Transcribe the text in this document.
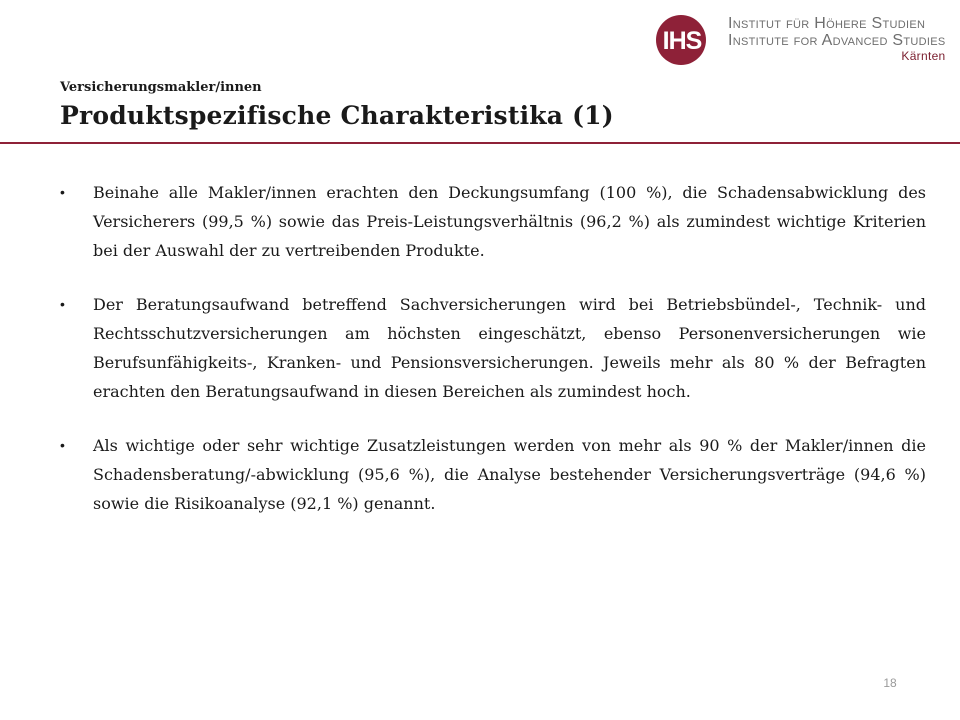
IHS
Institut für Höhere Studien
Institute for Advanced Studies
Kärnten
Versicherungsmakler/innen
Produktspezifische Charakteristika (1)
• Beinahe alle Makler/innen erachten den Deckungsumfang (100 %), die Schadensabwicklung des Versicherers (99,5 %) sowie das Preis-Leistungsverhältnis (96,2 %) als zumindest wichtige Kriterien bei der Auswahl der zu vertreibenden Produkte.
• Der Beratungsaufwand betreffend Sachversicherungen wird bei Betriebsbündel-, Technik- und Rechtsschutzversicherungen am höchsten eingeschätzt, ebenso Personenversicherungen wie Berufsunfähigkeits-, Kranken- und Pensionsversicherungen. Jeweils mehr als 80 % der Befragten erachten den Beratungsaufwand in diesen Bereichen als zumindest hoch.
• Als wichtige oder sehr wichtige Zusatzleistungen werden von mehr als 90 % der Makler/innen die Schadensberatung/-abwicklung (95,6 %), die Analyse bestehender Versicherungsverträge (94,6 %) sowie die Risikoanalyse (92,1 %) genannt.
18
